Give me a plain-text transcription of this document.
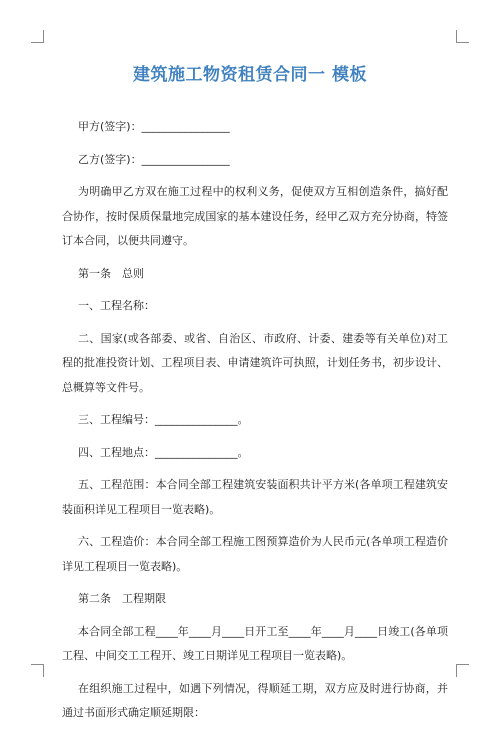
建筑施工物资租赁合同一 模板

甲方(签字)：________________

乙方(签字)：________________

为明确甲乙方双在施工过程中的权利义务，促使双方互相创造条件，搞好配合协作，按时保质保量地完成国家的基本建设任务，经甲乙双方充分协商，特签订本合同，以便共同遵守。

第一条　总则

一、工程名称：

二、国家(或各部委、或省、自治区、市政府、计委、建委等有关单位)对工程的批准投资计划、工程项目表、申请建筑许可执照，计划任务书，初步设计、总概算等文件号。

三、工程编号：_______________。

四、工程地点：_______________。

五、工程范围：本合同全部工程建筑安装面积共计平方米(各单项工程建筑安装面积详见工程项目一览表略)。

六、工程造价：本合同全部工程施工图预算造价为人民币元(各单项工程造价详见工程项目一览表略)。

第二条　工程期限

本合同全部工程____年____月____日开工至____年____月____日竣工(各单项工程、中间交工工程开、竣工日期详见工程项目一览表略)。

在组织施工过程中，如遇下列情况，得顺延工期，双方应及时进行协商，并通过书面形式确定顺延期限：
